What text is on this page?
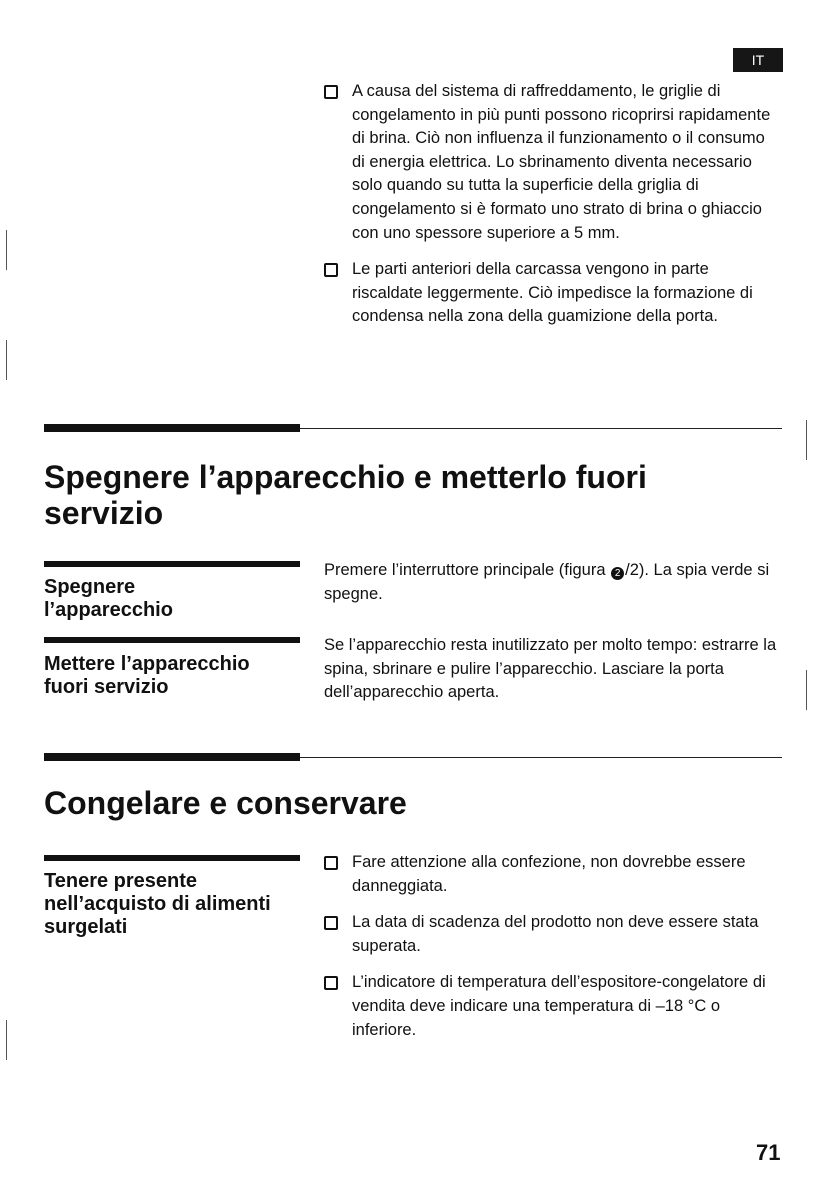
IT
A causa del sistema di raffreddamento, le griglie di congelamento in più punti possono ricoprirsi rapidamente di brina. Ciò non influenza il funzionamento o il consumo di energia elettrica. Lo sbrinamento diventa necessario solo quando su tutta la superficie della griglia di congelamento si è formato uno strato di brina o ghiaccio con uno spessore superiore a 5 mm.
Le parti anteriori della carcassa vengono in parte riscaldate leggermente. Ciò impedisce la formazione di condensa nella zona della guamizione della porta.
Spegnere l’apparecchio e metterlo fuori servizio
Spegnere l’apparecchio

Premere l’interruttore principale (figura 2 /2). La spia verde si spegne.

Mettere l’apparecchio fuori servizio

Se l’apparecchio resta inutilizzato per molto tempo: estrarre la spina, sbrinare e pulire l’apparecchio. Lasciare la porta dell’apparecchio aperta.

Congelare e conservare
Tenere presente nell’acquisto di alimenti surgelati
Fare attenzione alla confezione, non dovrebbe essere danneggiata.
La data di scadenza del prodotto non deve essere stata superata.
L’indicatore di temperatura dell’espositore-congelatore di vendita deve indicare una temperatura di –18 °C o inferiore.
71
